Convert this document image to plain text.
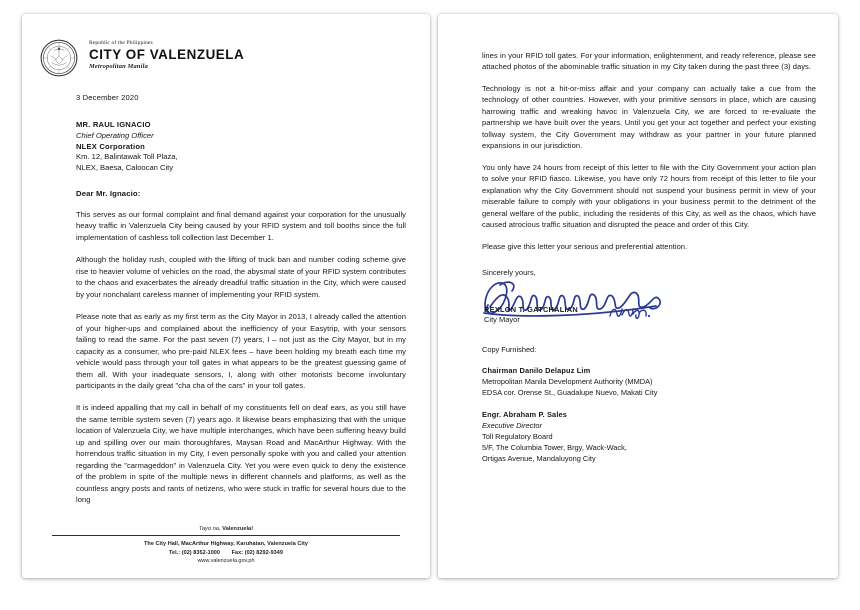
Republic of the Philippines
CITY OF VALENZUELA
Metropolitan Manila
3 December 2020
MR. RAUL IGNACIO
Chief Operating Officer
NLEX Corporation
Km. 12, Balintawak Toll Plaza,
NLEX, Baesa, Caloocan City
Dear Mr. Ignacio:

This serves as our formal complaint and final demand against your corporation for the unusually heavy traffic in Valenzuela City being caused by your RFID system and toll booths since the full implementation of cashless toll collection last December 1.

Although the holiday rush, coupled with the lifting of truck ban and number coding scheme give rise to heavier volume of vehicles on the road, the abysmal state of your RFID system contributes to the chaos and exacerbates the already dreadful traffic situation in the City, which were caused by your nonchalant careless manner of implementing your RFID system.

Please note that as early as my first term as the City Mayor in 2013, I already called the attention of your higher-ups and complained about the inefficiency of your Easytrip, with your sensors failing to read the same. For the past seven (7) years, I – not just as the City Mayor, but in my capacity as a consumer, who pre-paid NLEX fees – have been holding my breath each time my vehicle would pass through your toll gates in what appears to be the greatest guessing game of them all. With your inadequate sensors, I, along with other motorists become involuntary participants in the daily great "cha cha of the cars" in your toll gates.

It is indeed appalling that my call in behalf of my constituents fell on deaf ears, as you still have the same terrible system seven (7) years ago. It likewise bears emphasizing that with the unique location of Valenzuela City, we have multiple interchanges, which have been suffering heavy build up and spilling over our main thoroughfares, Maysan Road and MacArthur Highway. With the horrendous traffic situation in my City, I even personally spoke with you and called your attention regarding the "carmageddon" in Valenzuela City. Yet you were even quick to deny the existence of the problem in spite of the multiple news in different channels and platforms, as well as the countless angry posts and rants of netizens, who were stuck in traffic for several hours due to the long

Tayo na, Valenzuela!
The City Hall, MacArthur Highway, Karuhatan, Valenzuela City
Tel.: (02) 8352-1000 Fax: (02) 8292-9349
www.valenzuela.gov.ph

lines in your RFID toll gates. For your information, enlightenment, and ready reference, please see attached photos of the abominable traffic situation in my City taken during the past three (3) days.

Technology is not a hit-or-miss affair and your company can actually take a cue from the technology of other countries. However, with your primitive sensors in place, which are causing harrowing traffic and wreaking havoc in Valenzuela City, we are forced to re-evaluate the partnership we have built over the years. Until you get your act together and perfect your existing tollway system, the City Government may withdraw as your partner in your future planned expansions in our jurisdiction.

You only have 24 hours from receipt of this letter to file with the City Government your action plan to solve your RFID fiasco. Likewise, you have only 72 hours from receipt of this letter to file your explanation why the City Government should not suspend your business permit in view of your miserable failure to comply with your obligations in your business permit to the detriment of the general welfare of the public, including the residents of this City, as well as the chaos, which have caused atrocious traffic situation and disrupted the peace and order of this City.

Please give this letter your serious and preferential attention.

Sincerely yours,
REXLON T. GATCHALIAN
City Mayor
Copy Furnished:
Chairman Danilo Delapuz Lim
Metropolitan Manila Development Authority (MMDA)
EDSA cor. Orense St., Guadalupe Nuevo, Makati City
Engr. Abraham P. Sales
Executive Director
Toll Regulatory Board
5/F, The Columbia Tower, Brgy, Wack-Wack,
Ortigas Avenue, Mandaluyong City
